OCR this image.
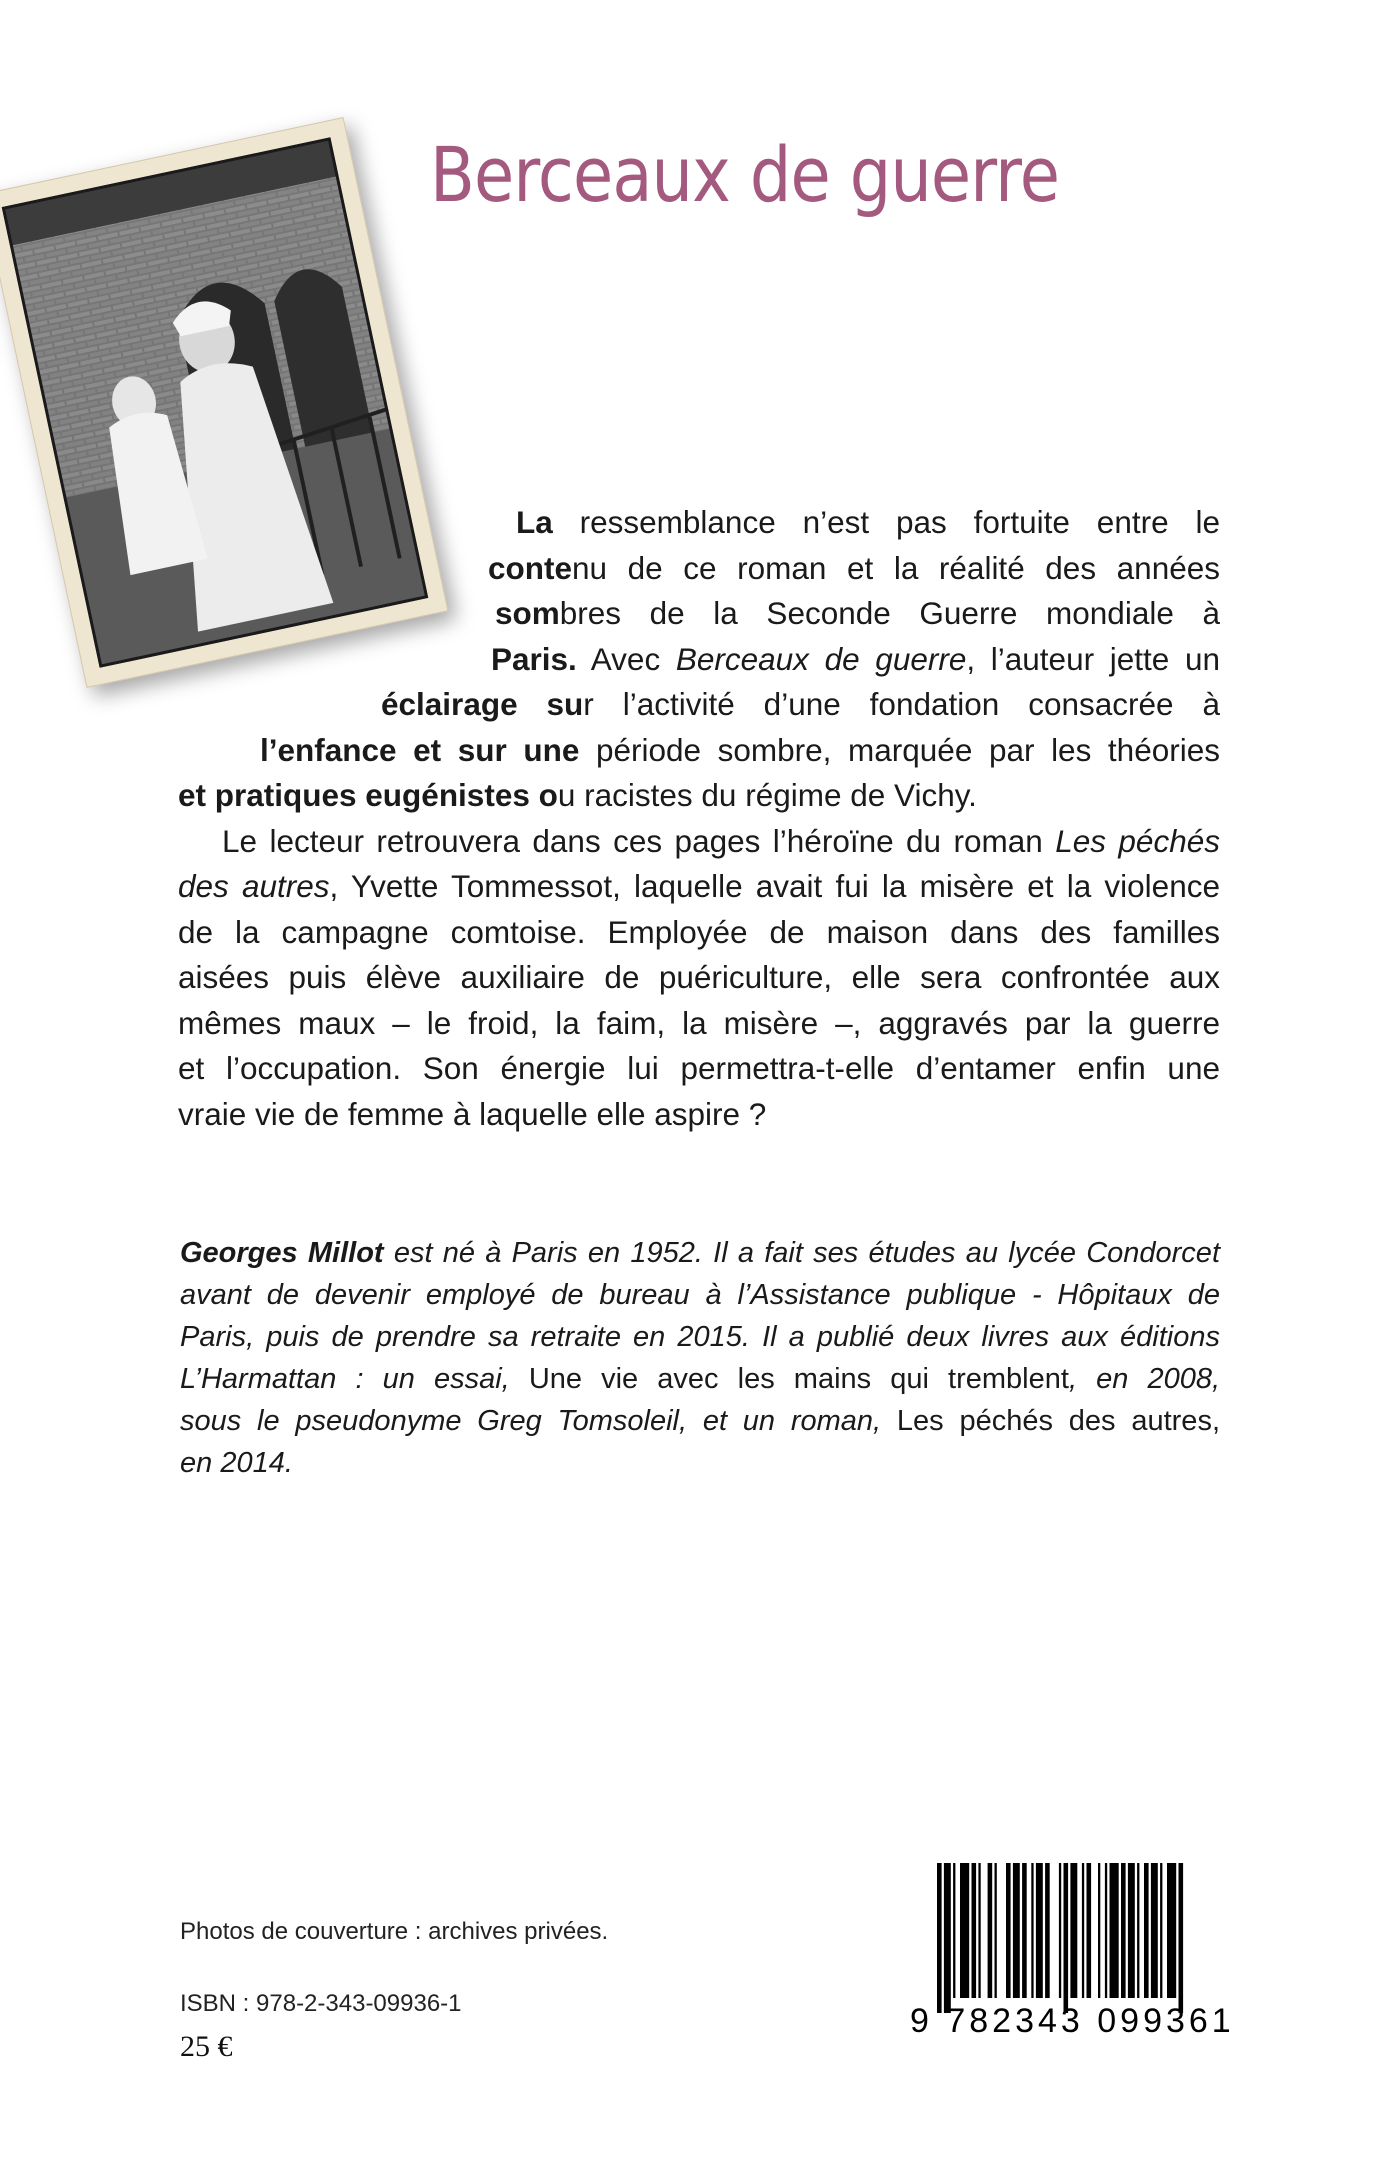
Berceaux de guerre
La ressemblance n’est pas fortuite entre le
contenu de ce roman et la réalité des années
sombres de la Seconde Guerre mondiale à
Paris. Avec Berceaux de guerre, l’auteur jette un
éclairage sur l’activité d’une fondation consacrée à
l’enfance et sur une période sombre, marquée par les théories
et pratiques eugénistes ou racistes du régime de Vichy.
Le lecteur retrouvera dans ces pages l’héroïne du roman Les péchés
des autres, Yvette Tommessot, laquelle avait fui la misère et la violence
de la campagne comtoise. Employée de maison dans des familles
aisées puis élève auxiliaire de puériculture, elle sera confrontée aux
mêmes maux – le froid, la faim, la misère –, aggravés par la guerre
et l’occupation. Son énergie lui permettra-t-elle d’entamer enfin une
vraie vie de femme à laquelle elle aspire ?
Georges Millot est né à Paris en 1952. Il a fait ses études au lycée Condorcet
avant de devenir employé de bureau à l’Assistance publique - Hôpitaux de
Paris, puis de prendre sa retraite en 2015. Il a publié deux livres aux éditions
L’Harmattan : un essai, Une vie avec les mains qui tremblent, en 2008,
sous le pseudonyme Greg Tomsoleil, et un roman, Les péchés des autres,
en 2014.
Photos de couverture : archives privées.
ISBN : 978-2-343-09936-1
25 €
9 782343 099361
